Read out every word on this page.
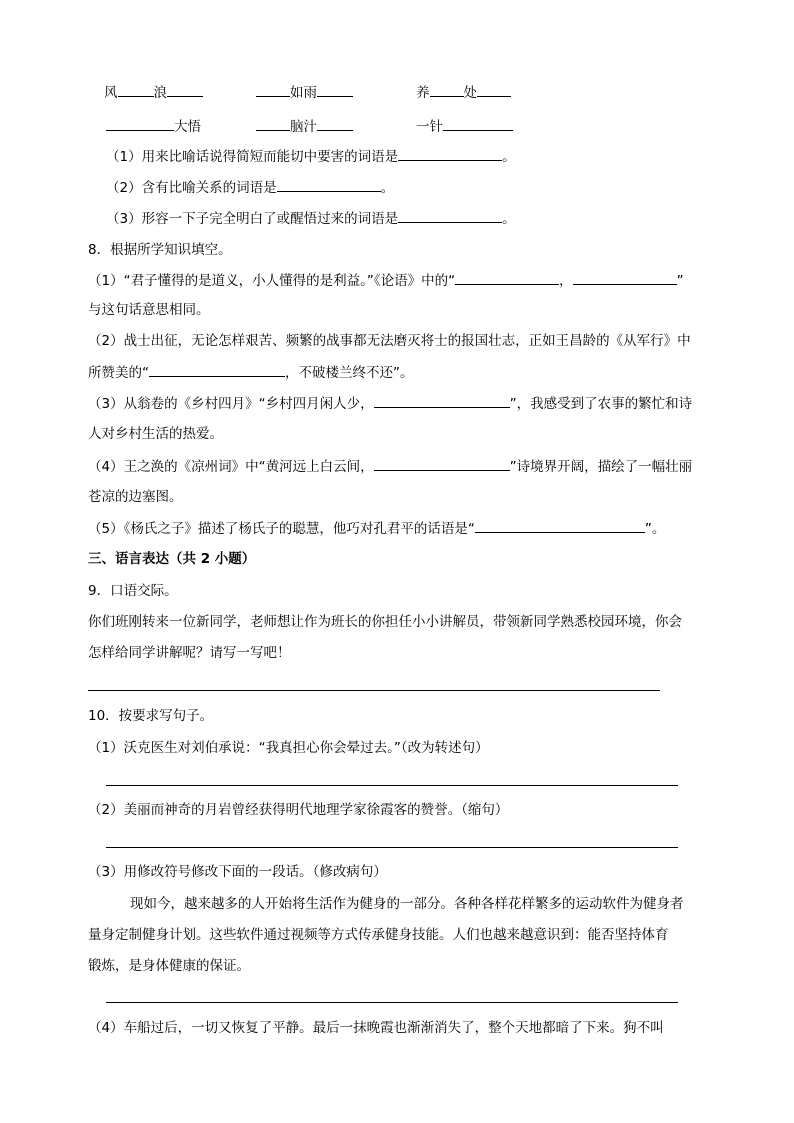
风	浪	如雨	养	处
大悟	脑汁	一针
（1）用来比喻话说得简短而能切中要害的词语是	。
（2）含有比喻关系的词语是	。
（3）形容一下子完全明白了或醒悟过来的词语是	。
8．根据所学知识填空。
（1）“君子懂得的是道义，小人懂得的是利益。”《论语》中的“	，	”
与这句话意思相同。
（2）战士出征，无论怎样艰苦、频繁的战事都无法磨灭将士的报国壮志，正如王昌龄的《从军行》中
所赞美的“	，不破楼兰终不还”。
（3）从翁卷的《乡村四月》“乡村四月闲人少，	”，我感受到了农事的繁忙和诗
人对乡村生活的热爱。
（4）王之涣的《凉州词》中“黄河远上白云间，	”诗境界开阔，描绘了一幅壮丽
苍凉的边塞图。
（5）《杨氏之子》描述了杨氏子的聪慧，他巧对孔君平的话语是“	”。
三、语言表达（共 2 小题）
9．口语交际。
你们班刚转来一位新同学，老师想让作为班长的你担任小小讲解员，带领新同学熟悉校园环境，你会
怎样给同学讲解呢？请写一写吧！
10．按要求写句子。
（1）沃克医生对刘伯承说：“我真担心你会晕过去。”（改为转述句）
（2）美丽而神奇的月岩曾经获得明代地理学家徐霞客的赞誉。（缩句）
（3）用修改符号修改下面的一段话。（修改病句）
现如今，越来越多的人开始将生活作为健身的一部分。各种各样花样繁多的运动软件为健身者
量身定制健身计划。这些软件通过视频等方式传承健身技能。人们也越来越意识到：能否坚持体育
锻炼，是身体健康的保证。
（4）车船过后，一切又恢复了平静。最后一抹晚霞也渐渐消失了，整个天地都暗了下来。狗不叫
